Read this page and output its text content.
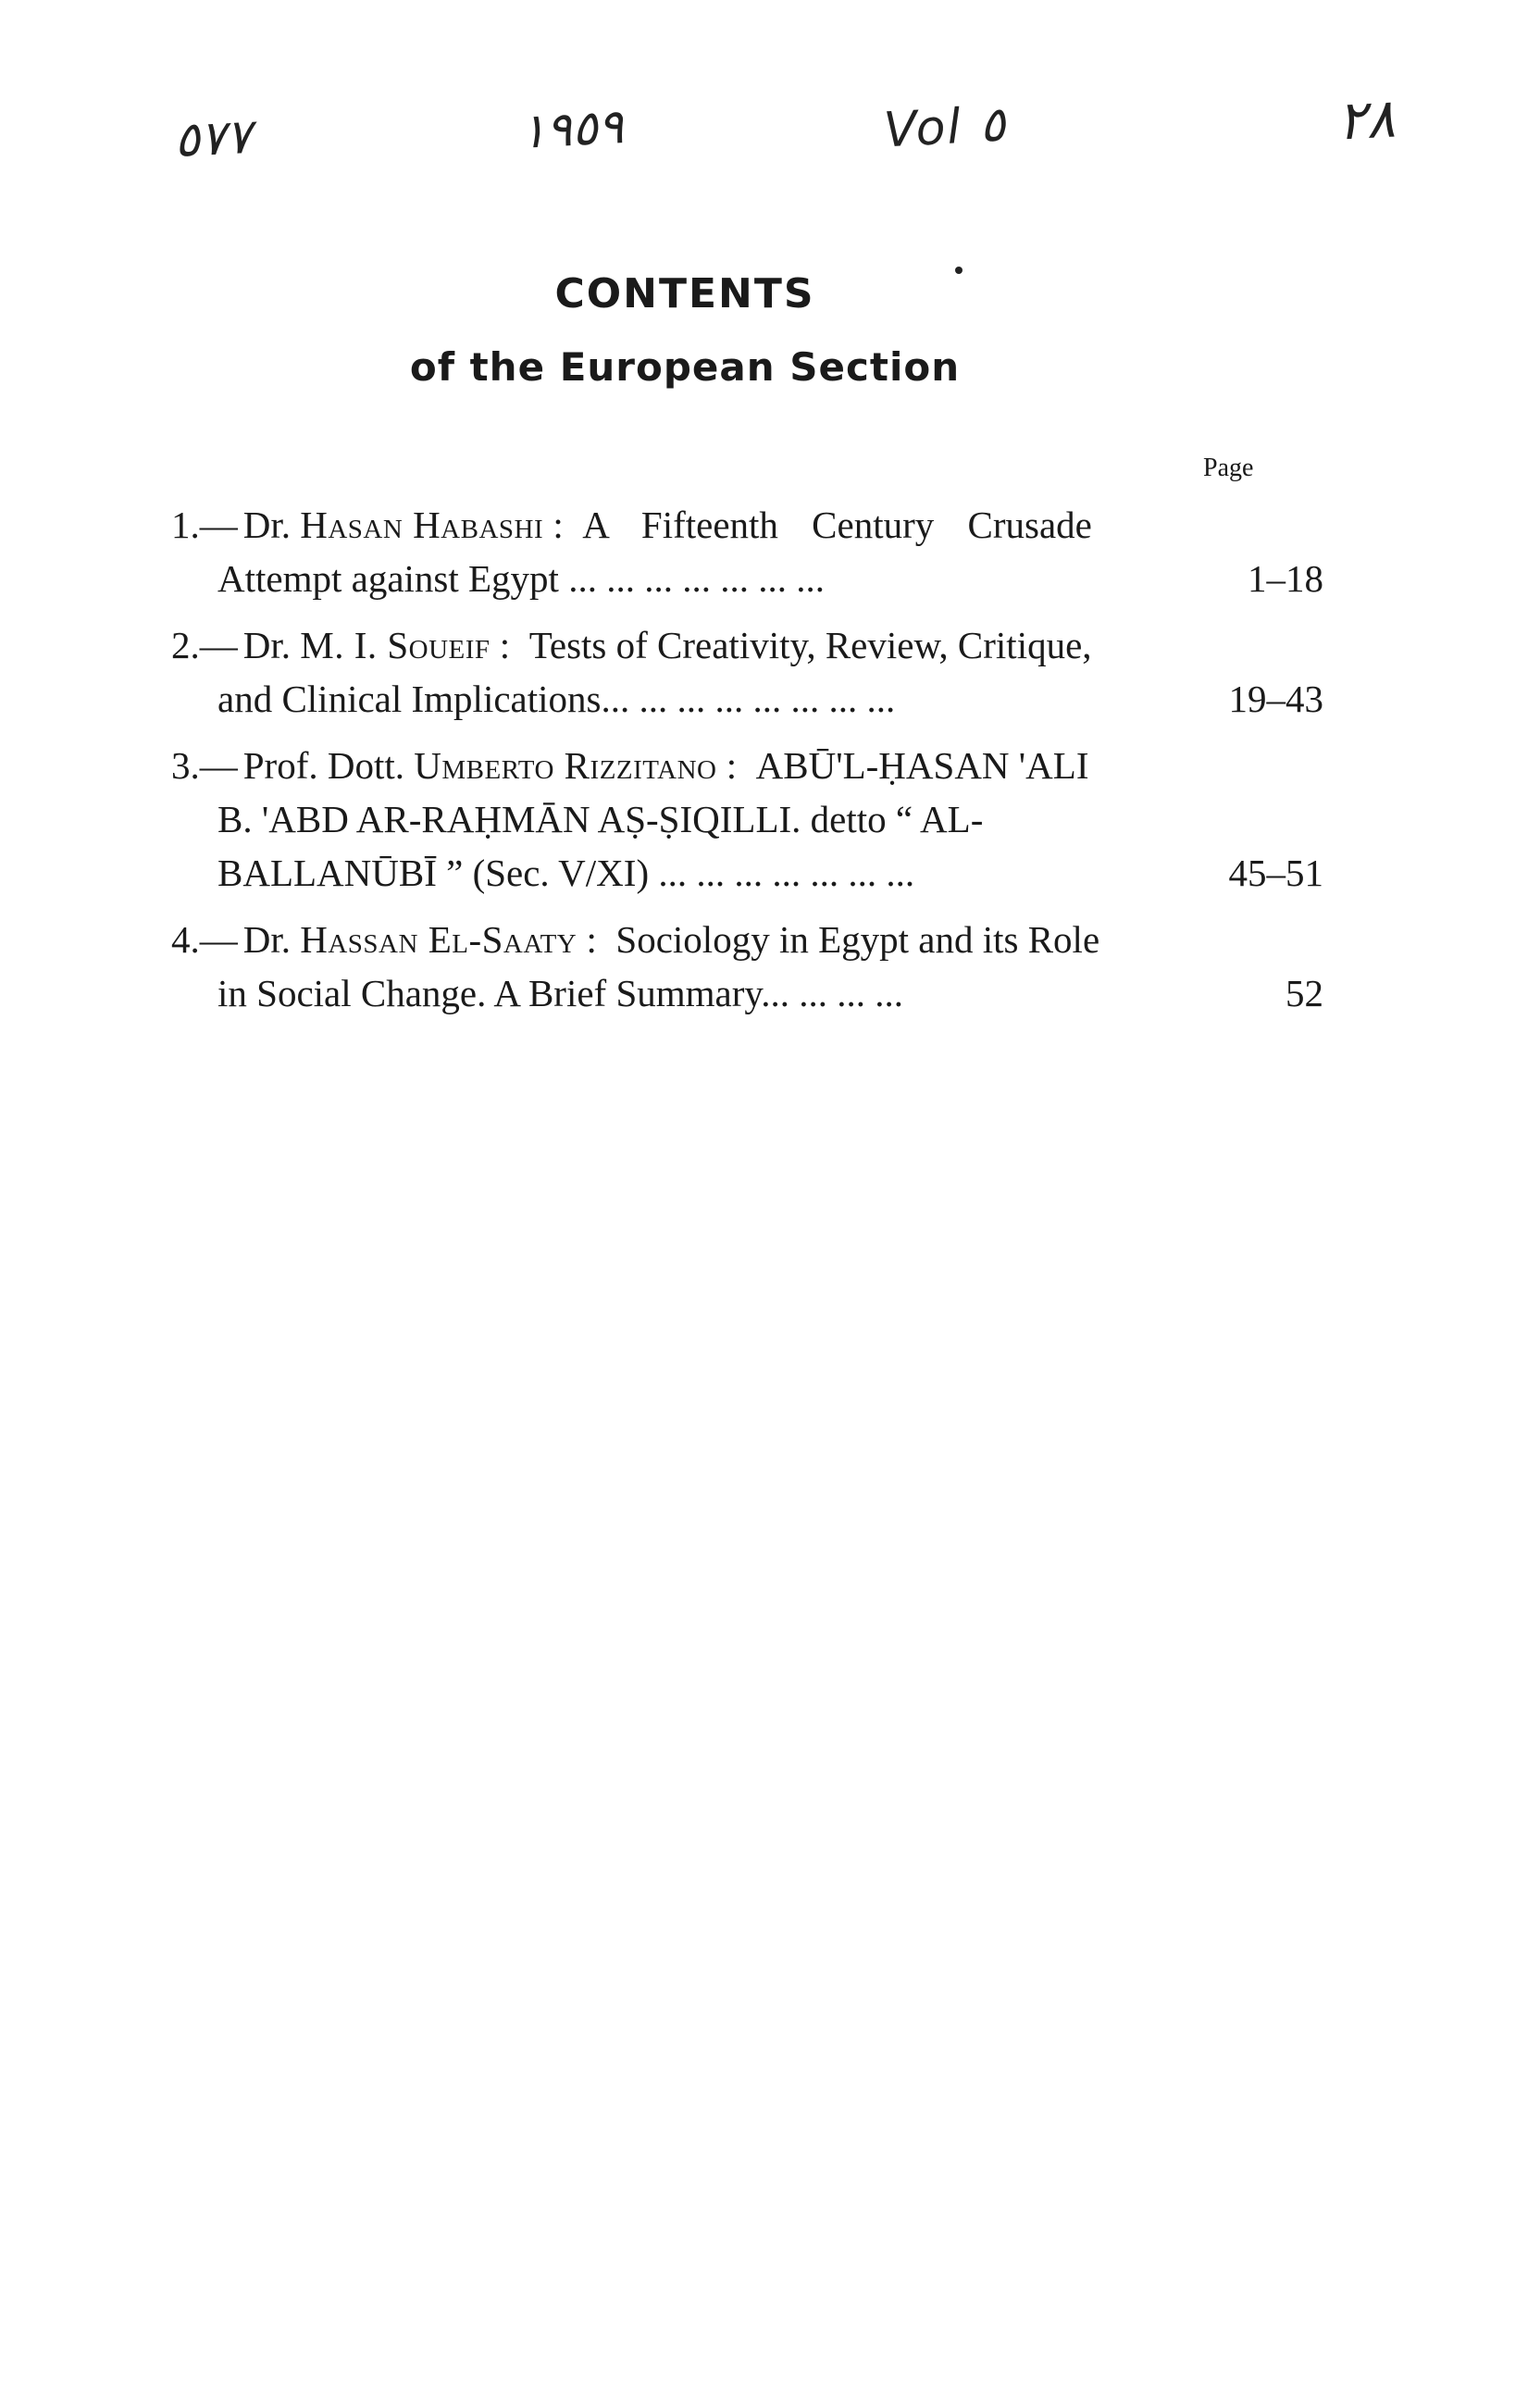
٥٧٧	١٩٥٩	Vol ٥	٢٨
CONTENTS
of the European Section
Page
1.— Dr.
Hasan Habashi
:
A Fifteenth Century Crusade
Attempt against Egypt ... ... ... ... ... ... ...	1–18
2.— Dr.
M. I. Soueif
:
Tests of Creativity, Review, Critique,
and Clinical Implications... ... ... ... ... ... ... ...	19–43
3.— Prof. Dott.
Umberto Rizzitano
:
ABŪ'L-ḤASAN 'ALI
B. 'ABD AR-RAḤMĀN AṢ-ṢIQILLI. detto “ AL-
BALLANŪBĪ ” (Sec. V/XI) ... ... ... ... ... ... ...	45–51
4.— Dr.
Hassan El-Saaty
:
Sociology in Egypt and its Role
in Social Change. A Brief Summary... ... ... ...	52
